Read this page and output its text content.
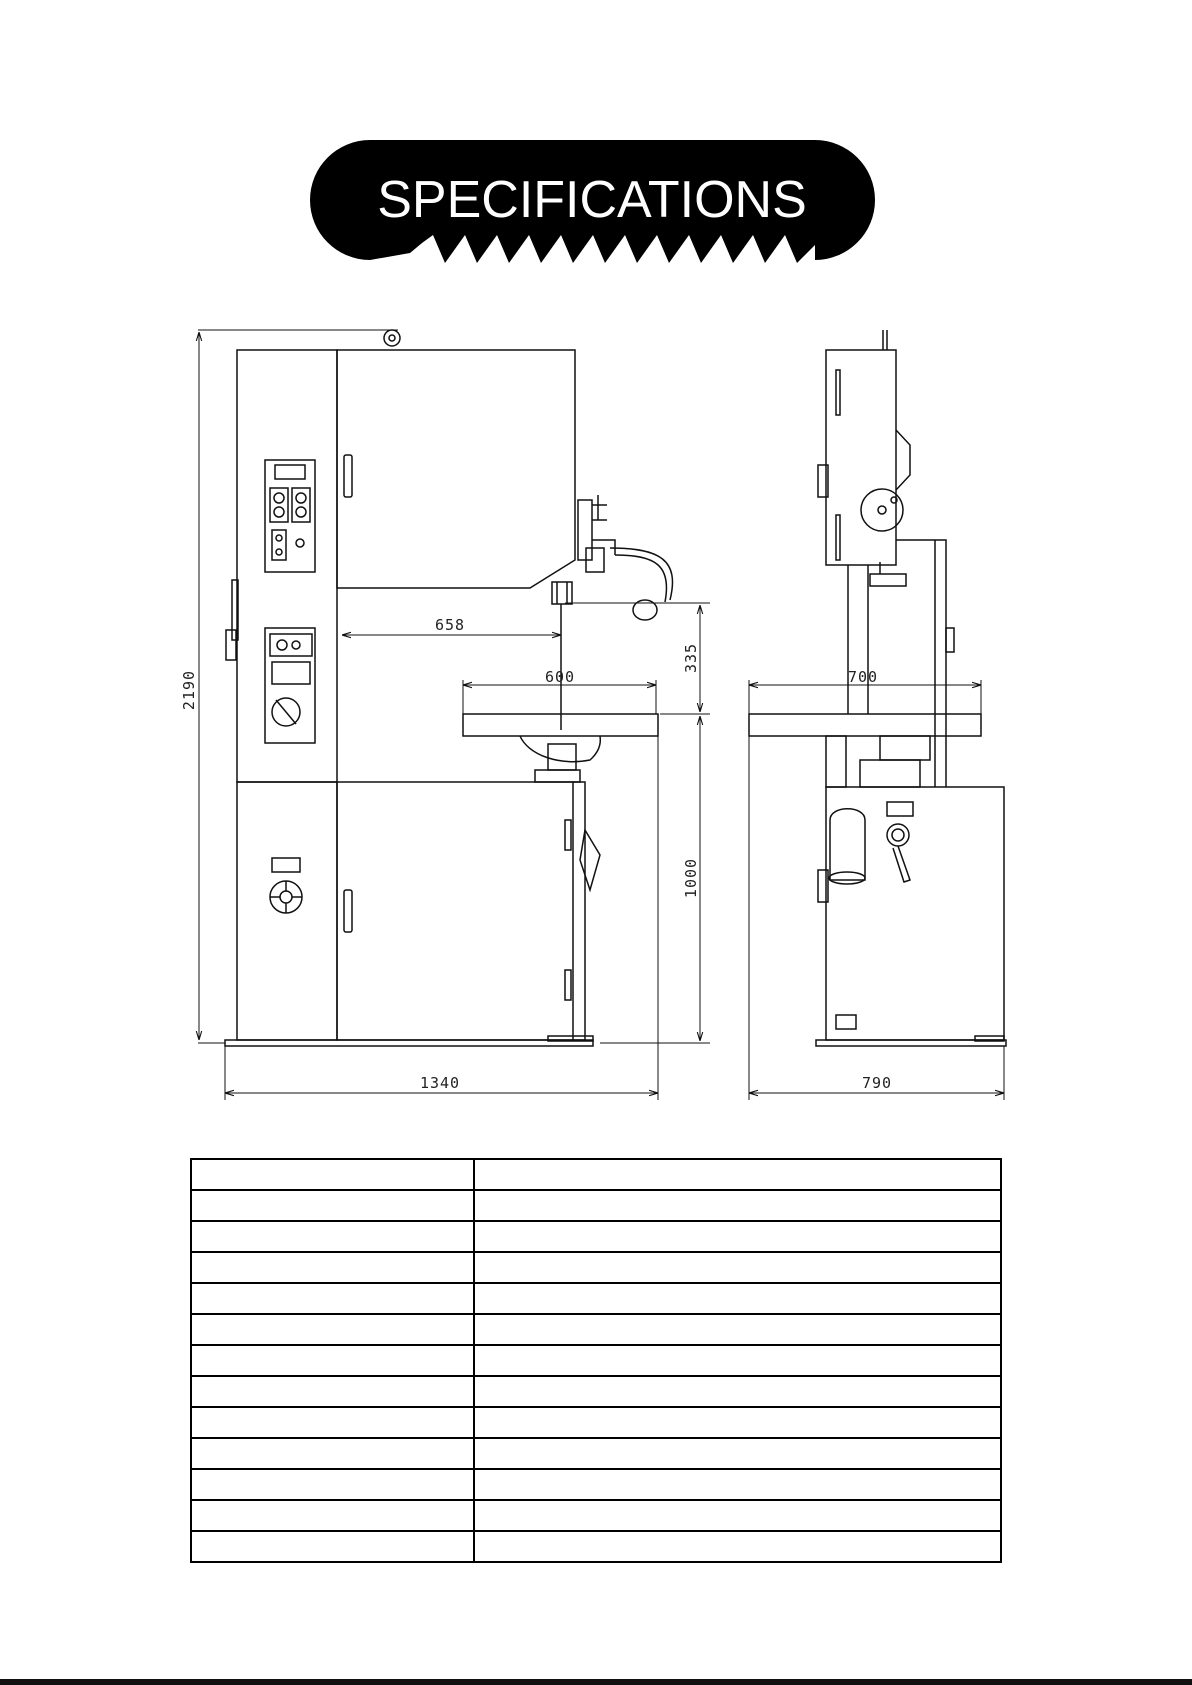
SPECIFICATIONS
2190
658
335
600	700
1000
1340	790
